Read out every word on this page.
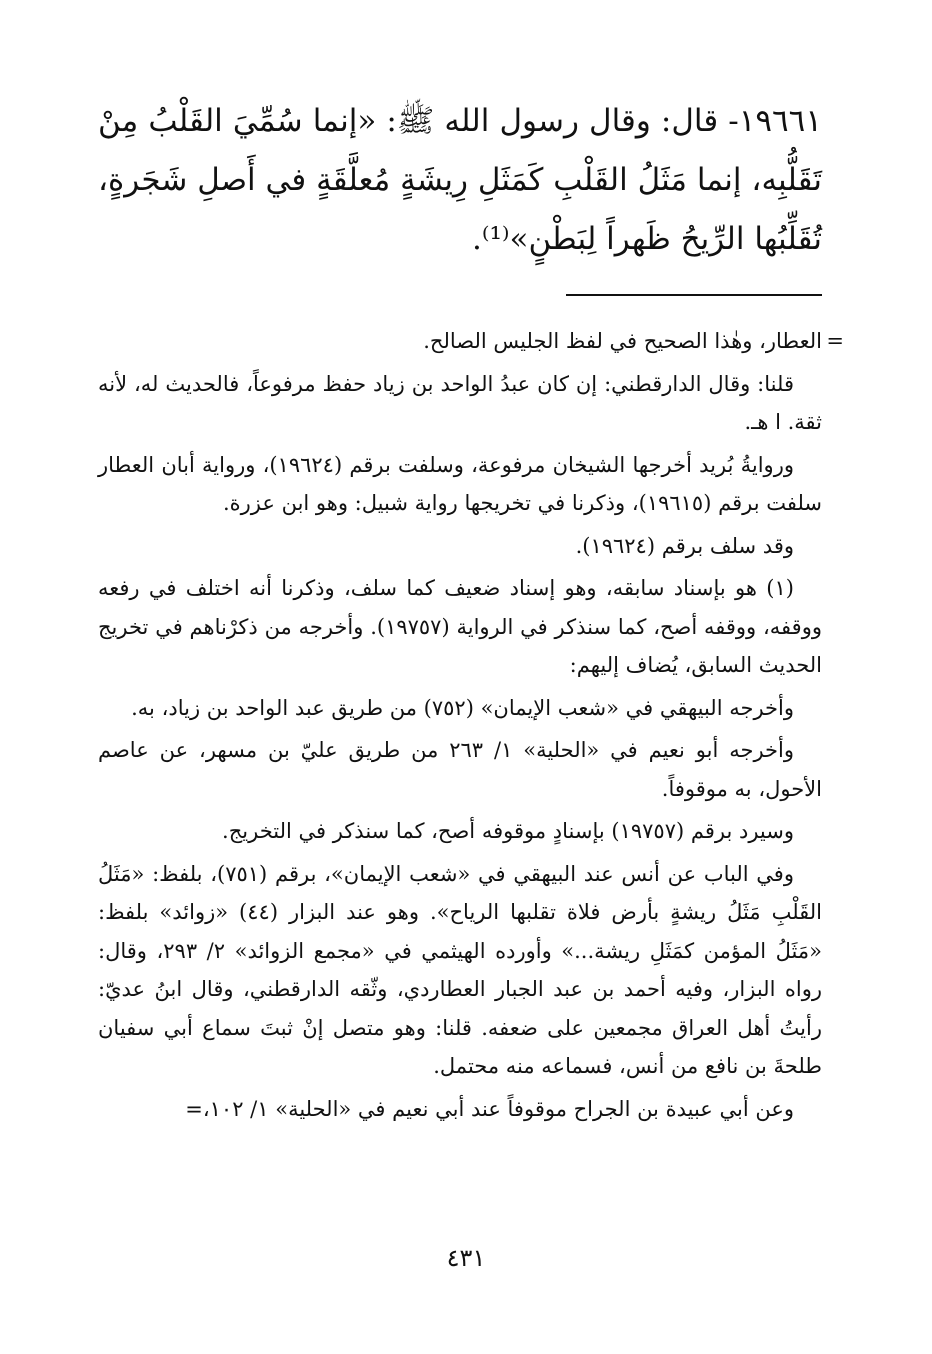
١٩٦٦١- قال: وقال رسول الله ﷺ: «إنما سُمِّيَ القَلْبُ مِنْ تَقَلُّبِه، إنما مَثَلُ القَلْبِ كَمَثَلِ رِيشَةٍ مُعلَّقَةٍ في أَصلِ شَجَرةٍ، تُقَلِّبُها الرِّيحُ ظَهراً لِبَطْنٍ»⁽¹⁾.

=

العطار، وهٰذا الصحيح في لفظ الجليس الصالح.

قلنا: وقال الدارقطني: إن كان عبدُ الواحد بن زياد حفظ مرفوعاً، فالحديث له، لأنه ثقة. ا هـ.

وروايةُ بُريد أخرجها الشيخان مرفوعة، وسلفت برقم (١٩٦٢٤)، ورواية أبان العطار سلفت برقم (١٩٦١٥)، وذكرنا في تخريجها رواية شبيل: وهو ابن عزرة.

وقد سلف برقم (١٩٦٢٤).

(١) هو بإسناد سابقه، وهو إسناد ضعيف كما سلف، وذكرنا أنه اختلف في رفعه ووقفه، ووقفه أصح، كما سنذكر في الرواية (١٩٧٥٧). وأخرجه من ذكرْناهم في تخريج الحديث السابق، يُضاف إليهم:

وأخرجه البيهقي في «شعب الإيمان» (٧٥٢) من طريق عبد الواحد بن زياد، به.

وأخرجه أبو نعيم في «الحلية» ١/ ٢٦٣ من طريق عليّ بن مسهر، عن عاصم الأحول، به موقوفاً.

وسيرد برقم (١٩٧٥٧) بإسنادٍ موقوفه أصح، كما سنذكر في التخريج.

وفي الباب عن أنس عند البيهقي في «شعب الإيمان»، برقم (٧٥١)، بلفظ: «مَثَلُ القَلْبِ مَثَلُ ريشةٍ بأرض فلاة تقلبها الرياح». وهو عند البزار (٤٤) «زوائد» بلفظ: «مَثَلُ المؤمن كمَثَلِ ريشة...» وأورده الهيثمي في «مجمع الزوائد» ٢/ ٢٩٣، وقال: رواه البزار، وفيه أحمد بن عبد الجبار العطاردي، وثّقه الدارقطني، وقال ابنُ عديّ: رأيتُ أهل العراق مجمعين على ضعفه. قلنا: وهو متصل إنْ ثبتَ سماع أبي سفيان طلحةَ بن نافع من أنس، فسماعه منه محتمل.

وعن أبي عبيدة بن الجراح موقوفاً عند أبي نعيم في «الحلية» ١/ ١٠٢،=

٤٣١
